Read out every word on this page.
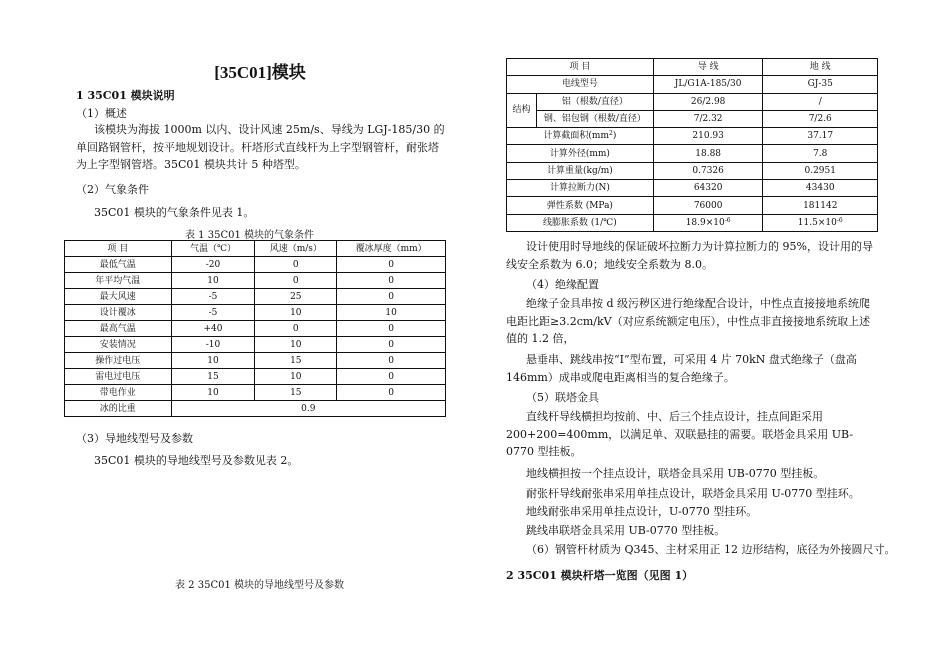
[35C01]模块
1 35C01 模块说明
（1）概述
该模块为海拔 1000m 以内、设计风速 25m/s、导线为 LGJ-185/30 的单回路钢管杆，按平地规划设计。杆塔形式直线杆为上字型钢管杆，耐张塔为上字型钢管塔。35C01 模块共计 5 种塔型。
（2）气象条件
35C01 模块的气象条件见表 1。
表 1 35C01 模块的气象条件
项 目	气温（℃）	风速（m/s）	覆冰厚度（mm）
最低气温	-20	0	0
年平均气温	10	0	0
最大风速	-5	25	0
设计覆冰	-5	10	10
最高气温	+40	0	0
安装情况	-10	10	0
操作过电压	10	15	0
雷电过电压	15	10	0
带电作业	10	15	0
冰的比重	0.9		
（3）导地线型号及参数
35C01 模块的导地线型号及参数见表 2。
表 2 35C01 模块的导地线型号及参数
项 目		导 线	地 线
电线型号		JL/G1A-185/30	GJ-35
结构	铝（根数/直径）	26/2.98	/
	钢、铝包钢（根数/直径）	7/2.32	7/2.6
计算截面积$(mm^2)$		210.93	37.17
计算外径(mm)		18.88	7.8
计算重量(kg/m)		0.7326	0.2951
计算拉断力(N)		64320	43430
弹性系数 (MPa)		76000	181142
线膨胀系数 (1/℃)		$18.9\times 10^{-6}$	$11.5\times 10^{-6}$
设计使用时导地线的保证破坏拉断力为计算拉断力的 95%，设计用的导线安全系数为 6.0；地线安全系数为 8.0。
（4）绝缘配置
绝缘子金具串按 d 级污秽区进行绝缘配合设计，中性点直接接地系统爬电距比距≥3.2cm/kV（对应系统额定电压），中性点非直接接地系统取上述值的 1.2 倍，
悬垂串、跳线串按“I”型布置，可采用 4 片 70kN 盘式绝缘子（盘高 146mm）成串或爬电距离相当的复合绝缘子。
（5）联塔金具
直线杆导线横担均按前、中、后三个挂点设计，挂点间距采用 200+200=400mm，以满足单、双联悬挂的需要。联塔金具采用 UB-0770 型挂板。
地线横担按一个挂点设计，联塔金具采用 UB-0770 型挂板。
耐张杆导线耐张串采用单挂点设计，联塔金具采用 U-0770 型挂环。
地线耐张串采用单挂点设计，U-0770 型挂环。
跳线串联塔金具采用 UB-0770 型挂板。
（6）钢管杆材质为 Q345、主材采用正 12 边形结构，底径为外接圆尺寸。
2 35C01 模块杆塔一览图（见图 1）
